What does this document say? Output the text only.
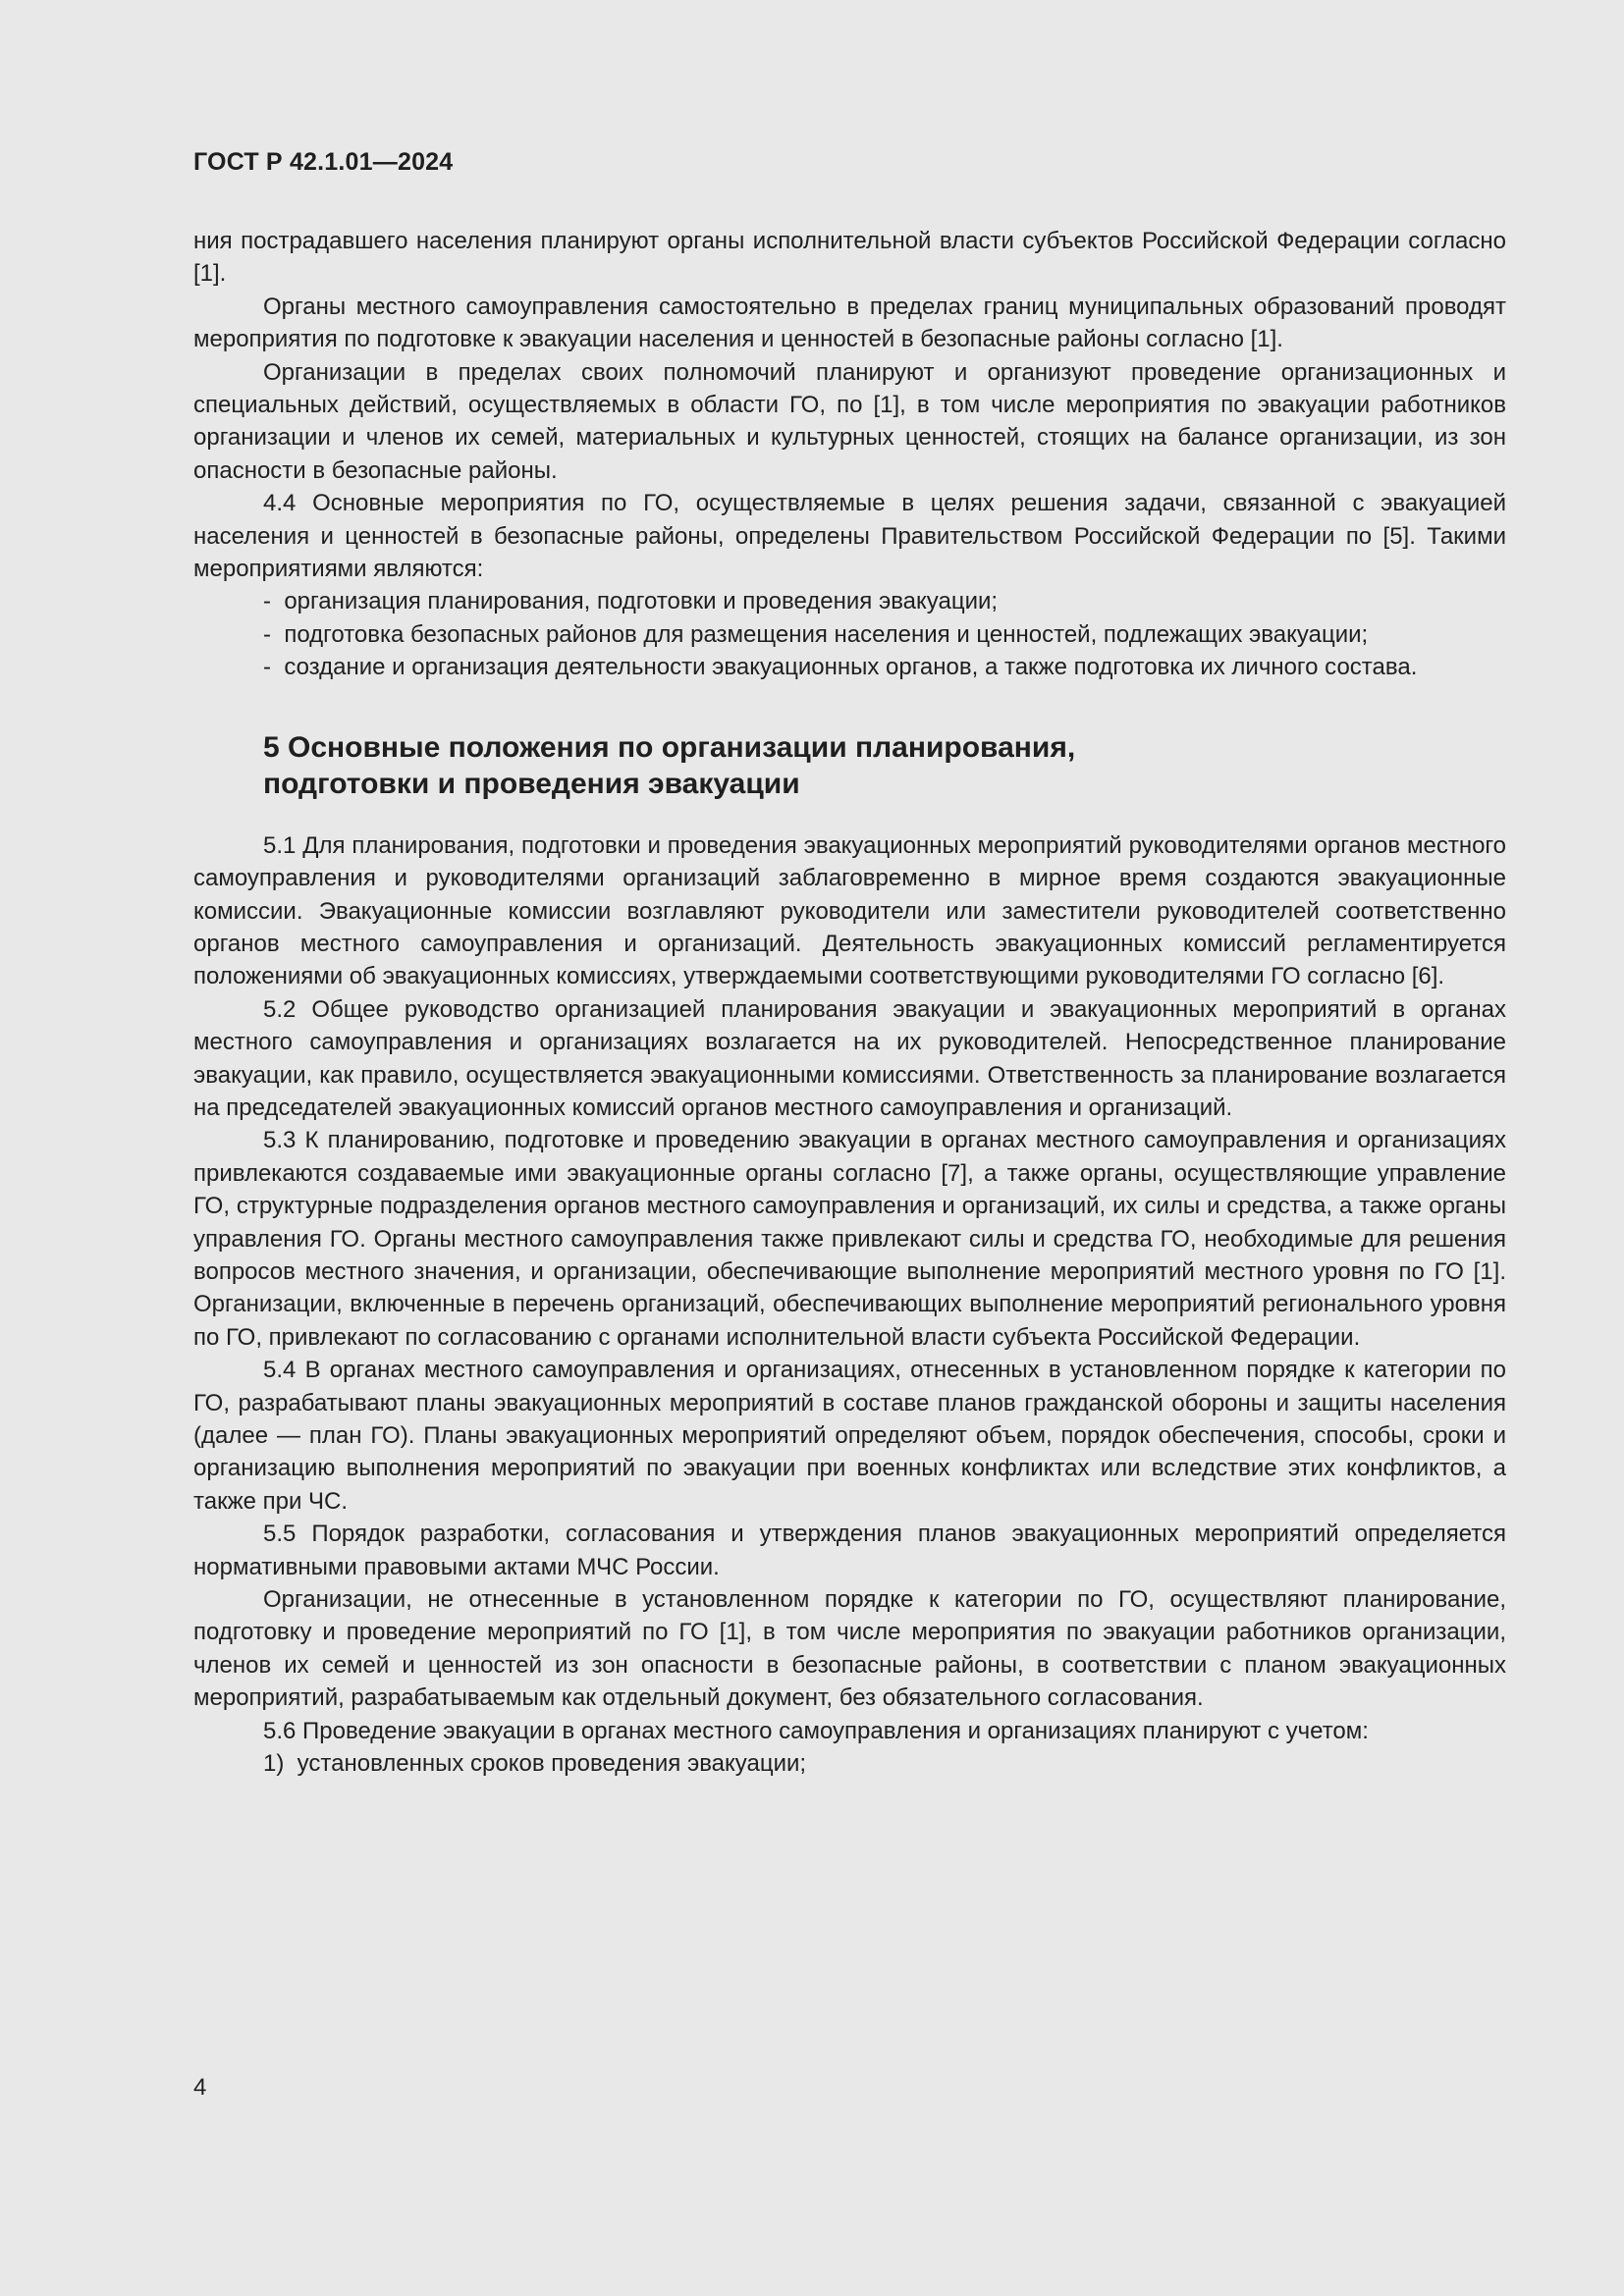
ГОСТ Р 42.1.01—2024

ния пострадавшего населения планируют органы исполнительной власти субъектов Российской Федерации согласно [1].

Органы местного самоуправления самостоятельно в пределах границ муниципальных образований проводят мероприятия по подготовке к эвакуации населения и ценностей в безопасные районы согласно [1].

Организации в пределах своих полномочий планируют и организуют проведение организационных и специальных действий, осуществляемых в области ГО, по [1], в том числе мероприятия по эвакуации работников организации и членов их семей, материальных и культурных ценностей, стоящих на балансе организации, из зон опасности в безопасные районы.

4.4 Основные мероприятия по ГО, осуществляемые в целях решения задачи, связанной с эвакуацией населения и ценностей в безопасные районы, определены Правительством Российской Федерации по [5]. Такими мероприятиями являются:

-  организация планирования, подготовки и проведения эвакуации;

-  подготовка безопасных районов для размещения населения и ценностей, подлежащих эвакуации;

-  создание и организация деятельности эвакуационных органов, а также подготовка их личного состава.

5 Основные положения по организации планирования,
подготовки и проведения эвакуации

5.1 Для планирования, подготовки и проведения эвакуационных мероприятий руководителями органов местного самоуправления и руководителями организаций заблаговременно в мирное время создаются эвакуационные комиссии. Эвакуационные комиссии возглавляют руководители или заместители руководителей соответственно органов местного самоуправления и организаций. Деятельность эвакуационных комиссий регламентируется положениями об эвакуационных комиссиях, утверждаемыми соответствующими руководителями ГО согласно [6].

5.2 Общее руководство организацией планирования эвакуации и эвакуационных мероприятий в органах местного самоуправления и организациях возлагается на их руководителей. Непосредственное планирование эвакуации, как правило, осуществляется эвакуационными комиссиями. Ответственность за планирование возлагается на председателей эвакуационных комиссий органов местного самоуправления и организаций.

5.3 К планированию, подготовке и проведению эвакуации в органах местного самоуправления и организациях привлекаются создаваемые ими эвакуационные органы согласно [7], а также органы, осуществляющие управление ГО, структурные подразделения органов местного самоуправления и организаций, их силы и средства, а также органы управления ГО. Органы местного самоуправления также привлекают силы и средства ГО, необходимые для решения вопросов местного значения, и организации, обеспечивающие выполнение мероприятий местного уровня по ГО [1]. Организации, включенные в перечень организаций, обеспечивающих выполнение мероприятий регионального уровня по ГО, привлекают по согласованию с органами исполнительной власти субъекта Российской Федерации.

5.4 В органах местного самоуправления и организациях, отнесенных в установленном порядке к категории по ГО, разрабатывают планы эвакуационных мероприятий в составе планов гражданской обороны и защиты населения (далее — план ГО). Планы эвакуационных мероприятий определяют объем, порядок обеспечения, способы, сроки и организацию выполнения мероприятий по эвакуации при военных конфликтах или вследствие этих конфликтов, а также при ЧС.

5.5 Порядок разработки, согласования и утверждения планов эвакуационных мероприятий определяется нормативными правовыми актами МЧС России.

Организации, не отнесенные в установленном порядке к категории по ГО, осуществляют планирование, подготовку и проведение мероприятий по ГО [1], в том числе мероприятия по эвакуации работников организации, членов их семей и ценностей из зон опасности в безопасные районы, в соответствии с планом эвакуационных мероприятий, разрабатываемым как отдельный документ, без обязательного согласования.

5.6 Проведение эвакуации в органах местного самоуправления и организациях планируют с учетом:

1)  установленных сроков проведения эвакуации;

4
